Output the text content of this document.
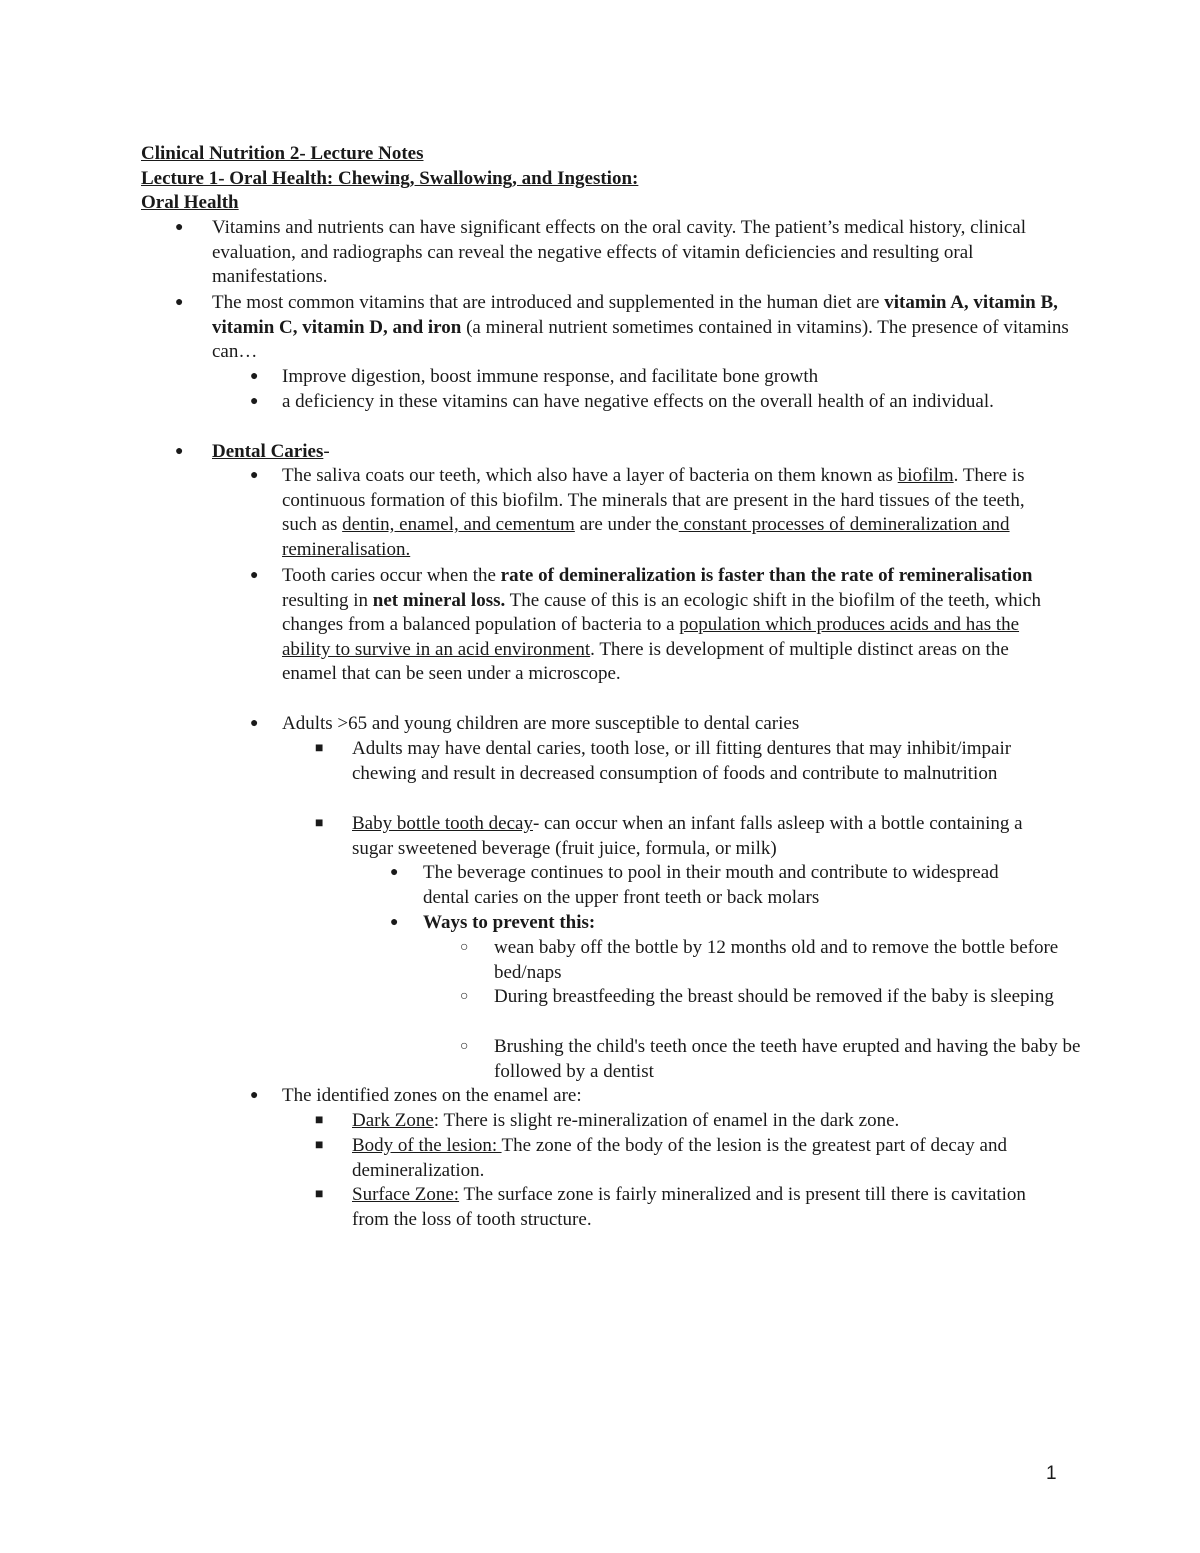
Clinical Nutrition 2- Lecture Notes
Lecture 1- Oral Health: Chewing, Swallowing, and Ingestion:
Oral Health
● Vitamins and nutrients can have significant effects on the oral cavity. The patient’s medical history, clinical evaluation, and radiographs can reveal the negative effects of vitamin deficiencies and resulting oral manifestations.
● The most common vitamins that are introduced and supplemented in the human diet are vitamin A, vitamin B, vitamin C, vitamin D, and iron (a mineral nutrient sometimes contained in vitamins). The presence of vitamins can…
● Improve digestion, boost immune response, and facilitate bone growth
● a deficiency in these vitamins can have negative effects on the overall health of an individual.
● Dental Caries-
● The saliva coats our teeth, which also have a layer of bacteria on them known as biofilm. There is continuous formation of this biofilm. The minerals that are present in the hard tissues of the teeth, such as dentin, enamel, and cementum are under the constant processes of demineralization and remineralisation.
● Tooth caries occur when the rate of demineralization is faster than the rate of remineralisation resulting in net mineral loss. The cause of this is an ecologic shift in the biofilm of the teeth, which changes from a balanced population of bacteria to a population which produces acids and has the ability to survive in an acid environment. There is development of multiple distinct areas on the enamel that can be seen under a microscope.
● Adults >65 and young children are more susceptible to dental caries
■ Adults may have dental caries, tooth lose, or ill fitting dentures that may inhibit/impair chewing and result in decreased consumption of foods and contribute to malnutrition
■ Baby bottle tooth decay- can occur when an infant falls asleep with a bottle containing a sugar sweetened beverage (fruit juice, formula, or milk)
● The beverage continues to pool in their mouth and contribute to widespread dental caries on the upper front teeth or back molars
● Ways to prevent this:
○ wean baby off the bottle by 12 months old and to remove the bottle before bed/naps
○ During breastfeeding the breast should be removed if the baby is sleeping
○ Brushing the child's teeth once the teeth have erupted and having the baby be followed by a dentist
● The identified zones on the enamel are:
■ Dark Zone: There is slight re-mineralization of enamel in the dark zone.
■ Body of the lesion: The zone of the body of the lesion is the greatest part of decay and demineralization.
■ Surface Zone: The surface zone is fairly mineralized and is present till there is cavitation from the loss of tooth structure.
1
